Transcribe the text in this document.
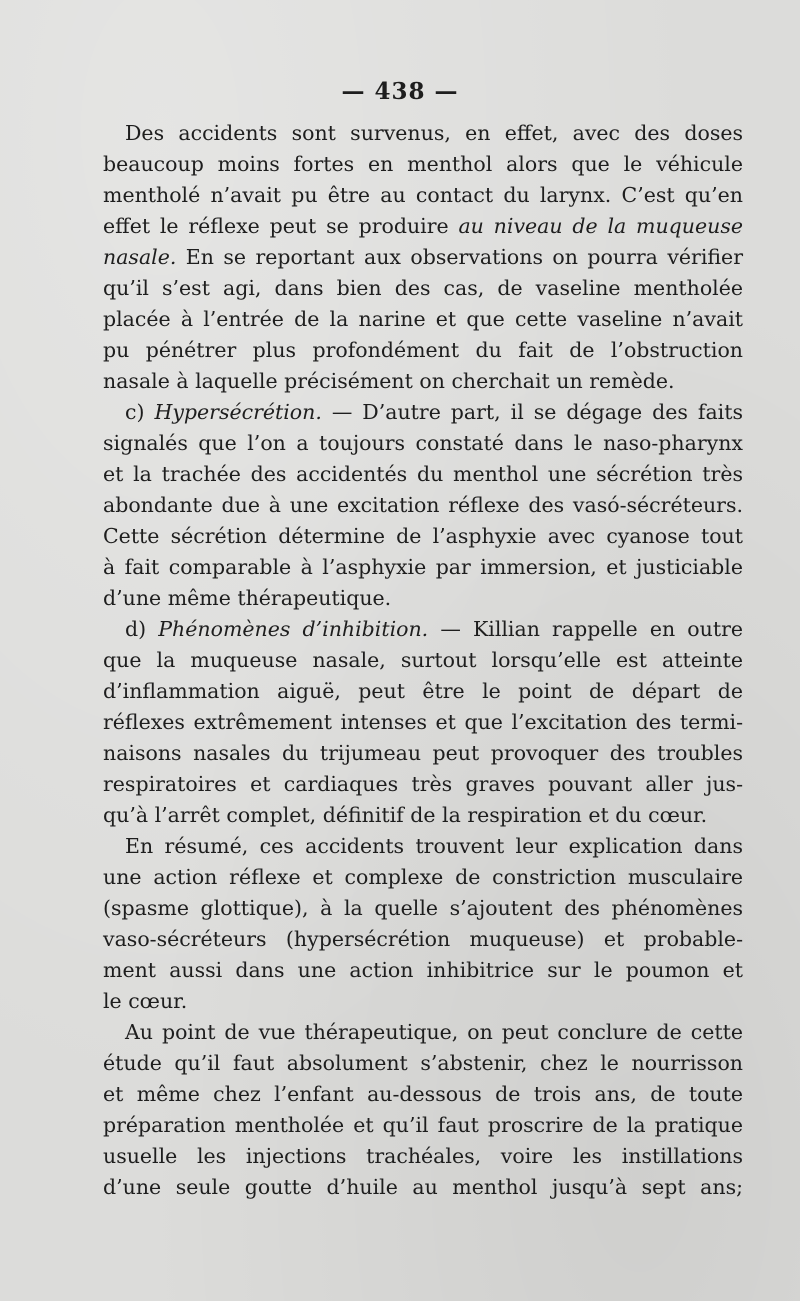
— 438 —
Des accidents sont survenus, en effet, avec des doses
beaucoup moins fortes en menthol alors que le véhicule
mentholé n’avait pu être au contact du larynx. C’est qu’en
effet le réflexe peut se produire au niveau de la muqueuse
nasale. En se reportant aux observations on pourra vérifier
qu’il s’est agi, dans bien des cas, de vaseline mentholée
placée à l’entrée de la narine et que cette vaseline n’avait
pu pénétrer plus profondément du fait de l’obstruction
nasale à laquelle précisément on cherchait un remède.
c) Hypersécrétion. — D’autre part, il se dégage des faits
signalés que l’on a toujours constaté dans le naso-pharynx
et la trachée des accidentés du menthol une sécrétion très
abondante due à une excitation réflexe des vasó-sécréteurs.
Cette sécrétion détermine de l’asphyxie avec cyanose tout
à fait comparable à l’asphyxie par immersion, et justiciable
d’une même thérapeutique.
d) Phénomènes d’inhibition. — Killian rappelle en outre
que la muqueuse nasale, surtout lorsqu’elle est atteinte
d’inflammation aiguë, peut être le point de départ de
réflexes extrêmement intenses et que l’excitation des termi-
naisons nasales du trijumeau peut provoquer des troubles
respiratoires et cardiaques très graves pouvant aller jus-
qu’à l’arrêt complet, définitif de la respiration et du cœur.
En résumé, ces accidents trouvent leur explication dans
une action réflexe et complexe de constriction musculaire
(spasme glottique), à la quelle s’ajoutent des phénomènes
vaso-sécréteurs (hypersécrétion muqueuse) et probable-
ment aussi dans une action inhibitrice sur le poumon et
le cœur.
Au point de vue thérapeutique, on peut conclure de cette
étude qu’il faut absolument s’abstenir, chez le nourrisson
et même chez l’enfant au-dessous de trois ans, de toute
préparation mentholée et qu’il faut proscrire de la pratique
usuelle les injections trachéales, voire les instillations
d’une seule goutte d’huile au menthol jusqu’à sept ans;
